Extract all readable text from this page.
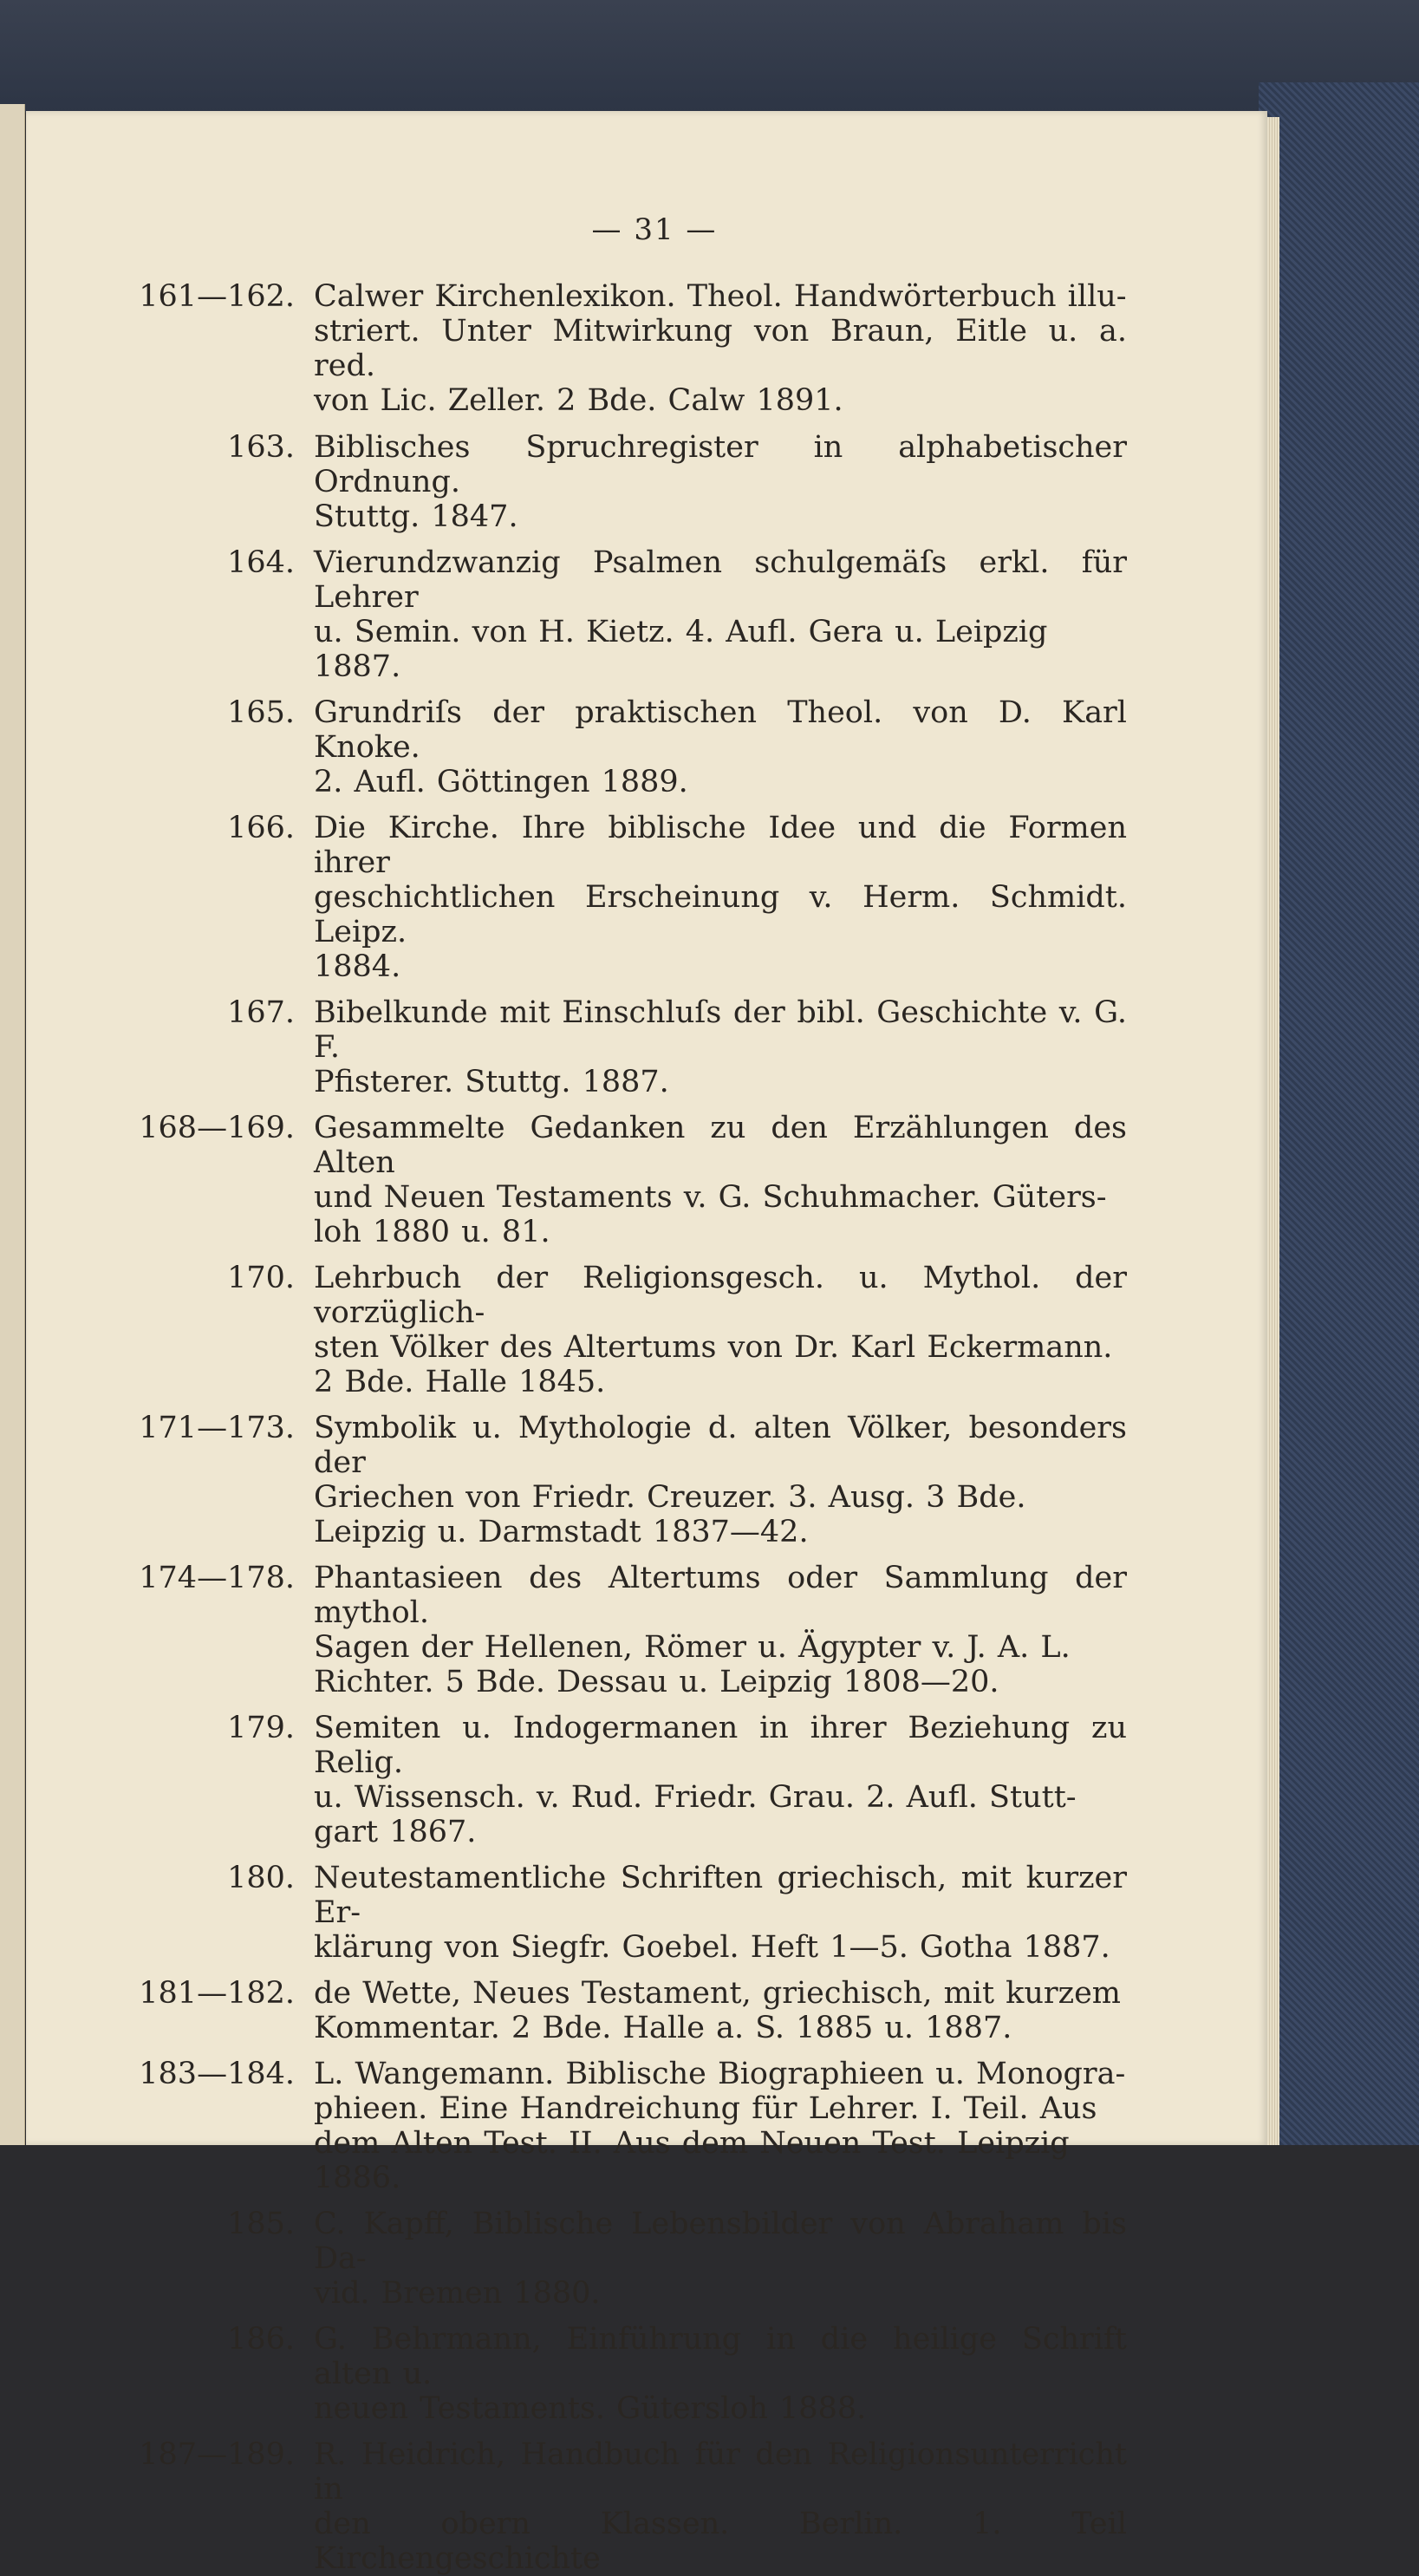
— 31 —
161—162. Calwer Kirchenlexikon. Theol. Handwörterbuch illu-
striert. Unter Mitwirkung von Braun, Eitle u. a. red.
von Lic. Zeller. 2 Bde. Calw 1891.
163. Biblisches Spruchregister in alphabetischer Ordnung.
Stuttg. 1847.
164. Vierundzwanzig Psalmen schulgemäſs erkl. für Lehrer
u. Semin. von H. Kietz. 4. Aufl. Gera u. Leipzig
1887.
165. Grundriſs der praktischen Theol. von D. Karl Knoke.
2. Aufl. Göttingen 1889.
166. Die Kirche. Ihre biblische Idee und die Formen ihrer
geschichtlichen Erscheinung v. Herm. Schmidt. Leipz.
1884.
167. Bibelkunde mit Einschluſs der bibl. Geschichte v. G. F.
Pfisterer. Stuttg. 1887.
168—169. Gesammelte Gedanken zu den Erzählungen des Alten
und Neuen Testaments v. G. Schuhmacher. Güters-
loh 1880 u. 81.
170. Lehrbuch der Religionsgesch. u. Mythol. der vorzüglich-
sten Völker des Altertums von Dr. Karl Eckermann.
2 Bde. Halle 1845.
171—173. Symbolik u. Mythologie d. alten Völker, besonders der
Griechen von Friedr. Creuzer. 3. Ausg. 3 Bde.
Leipzig u. Darmstadt 1837—42.
174—178. Phantasieen des Altertums oder Sammlung der mythol.
Sagen der Hellenen, Römer u. Ägypter v. J. A. L.
Richter. 5 Bde. Dessau u. Leipzig 1808—20.
179. Semiten u. Indogermanen in ihrer Beziehung zu Relig.
u. Wissensch. v. Rud. Friedr. Grau. 2. Aufl. Stutt-
gart 1867.
180. Neutestamentliche Schriften griechisch, mit kurzer Er-
klärung von Siegfr. Goebel. Heft 1—5. Gotha 1887.
181—182. de Wette, Neues Testament, griechisch, mit kurzem
Kommentar. 2 Bde. Halle a. S. 1885 u. 1887.
183—184. L. Wangemann. Biblische Biographieen u. Monogra-
phieen. Eine Handreichung für Lehrer. I. Teil. Aus
dem Alten Test. II. Aus dem Neuen Test. Leipzig
1886.
185. C. Kapff, Biblische Lebensbilder von Abraham bis Da-
vid. Bremen 1880.
186. G. Behrmann, Einführung in die heilige Schrift alten u.
neuen Testaments. Gütersloh 1888.
187—189. R. Heidrich, Handbuch für den Religionsunterricht in
den obern Klassen. Berlin. 1. Teil Kirchengeschichte
